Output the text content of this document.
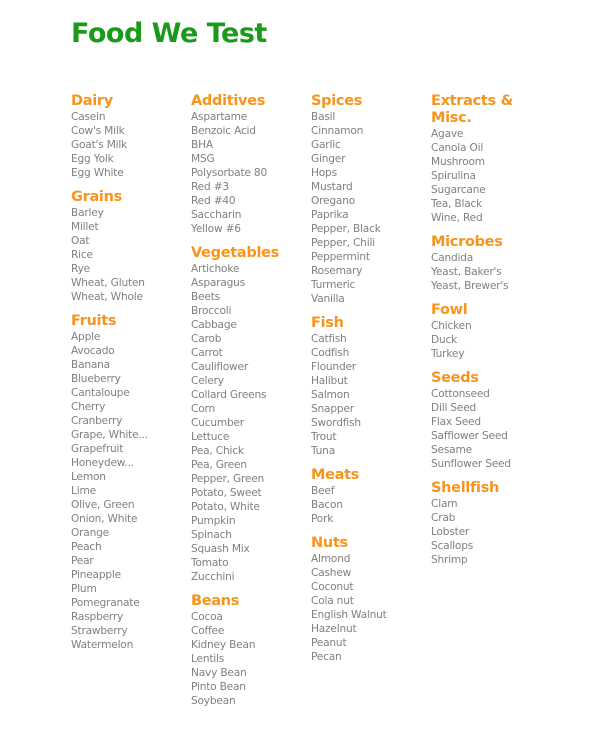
Food We Test
Dairy
Casein
Cow's Milk
Goat's Milk
Egg Yolk
Egg White
Grains
Barley
Millet
Oat
Rice
Rye
Wheat, Gluten
Wheat, Whole
Fruits
Apple
Avocado
Banana
Blueberry
Cantaloupe
Cherry
Cranberry
Grape, White...
Grapefruit
Honeydew...
Lemon
Lime
Olive, Green
Onion, White
Orange
Peach
Pear
Pineapple
Plum
Pomegranate
Raspberry
Strawberry
Watermelon
Additives
Aspartame
Benzoic Acid
BHA
MSG
Polysorbate 80
Red #3
Red #40
Saccharin
Yellow #6
Vegetables
Artichoke
Asparagus
Beets
Broccoli
Cabbage
Carob
Carrot
Cauliflower
Celery
Collard Greens
Corn
Cucumber
Lettuce
Pea, Chick
Pea, Green
Pepper, Green
Potato, Sweet
Potato, White
Pumpkin
Spinach
Squash Mix
Tomato
Zucchini
Beans
Cocoa
Coffee
Kidney Bean
Lentils
Navy Bean
Pinto Bean
Soybean
Spices
Basil
Cinnamon
Garlic
Ginger
Hops
Mustard
Oregano
Paprika
Pepper, Black
Pepper, Chili
Peppermint
Rosemary
Turmeric
Vanilla
Fish
Catfish
Codfish
Flounder
Halibut
Salmon
Snapper
Swordfish
Trout
Tuna
Meats
Beef
Bacon
Pork
Nuts
Almond
Cashew
Coconut
Cola nut
English Walnut
Hazelnut
Peanut
Pecan
Extracts &
Misc.
Agave
Canola Oil
Mushroom
Spirulina
Sugarcane
Tea, Black
Wine, Red
Microbes
Candida
Yeast, Baker's
Yeast, Brewer's
Fowl
Chicken
Duck
Turkey
Seeds
Cottonseed
Dill Seed
Flax Seed
Safflower Seed
Sesame
Sunflower Seed
Shellfish
Clam
Crab
Lobster
Scallops
Shrimp
